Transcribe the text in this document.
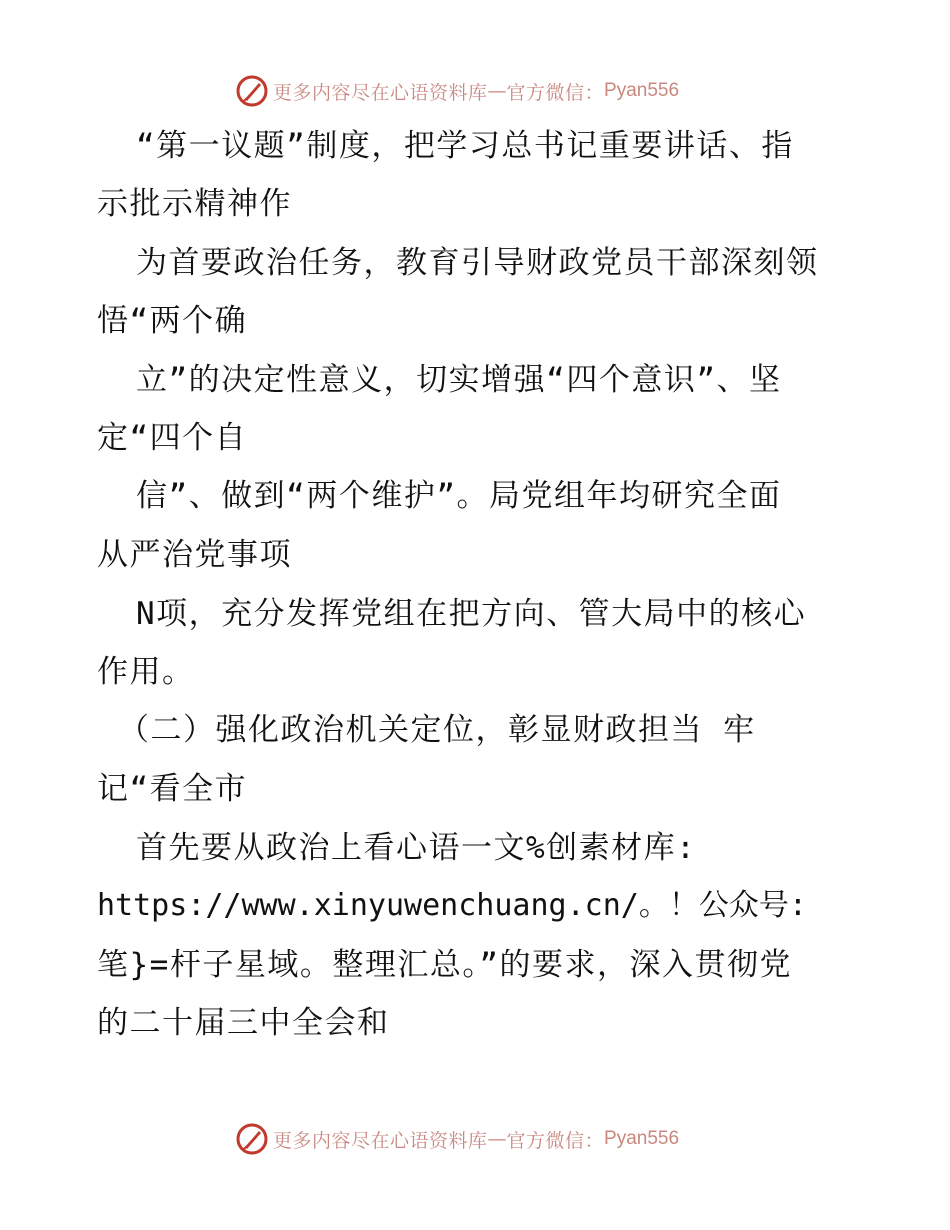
更多内容尽在心语资料库 — 官方微信： Pyan556
“第一议题”制度，把学习总书记重要讲话、指
示批示精神作
为首要政治任务，教育引导财政党员干部深刻领
悟“两个确
立”的决定性意义，切实增强“四个意识”、坚
定“四个自
信”、做到“两个维护”。局党组年均研究全面
从严治党事项
N项，充分发挥党组在把方向、管大局中的核心
作用。
（二）强化政治机关定位，彰显财政担当 牢
记“看全市
首先要从政治上看心语一文%创素材库:
https://www.xinyuwenchuang.cn/。！公众号:
笔}=杆子星域。整理汇总。”的要求，深入贯彻党
的二十届三中全会和
更多内容尽在心语资料库 — 官方微信： Pyan556
